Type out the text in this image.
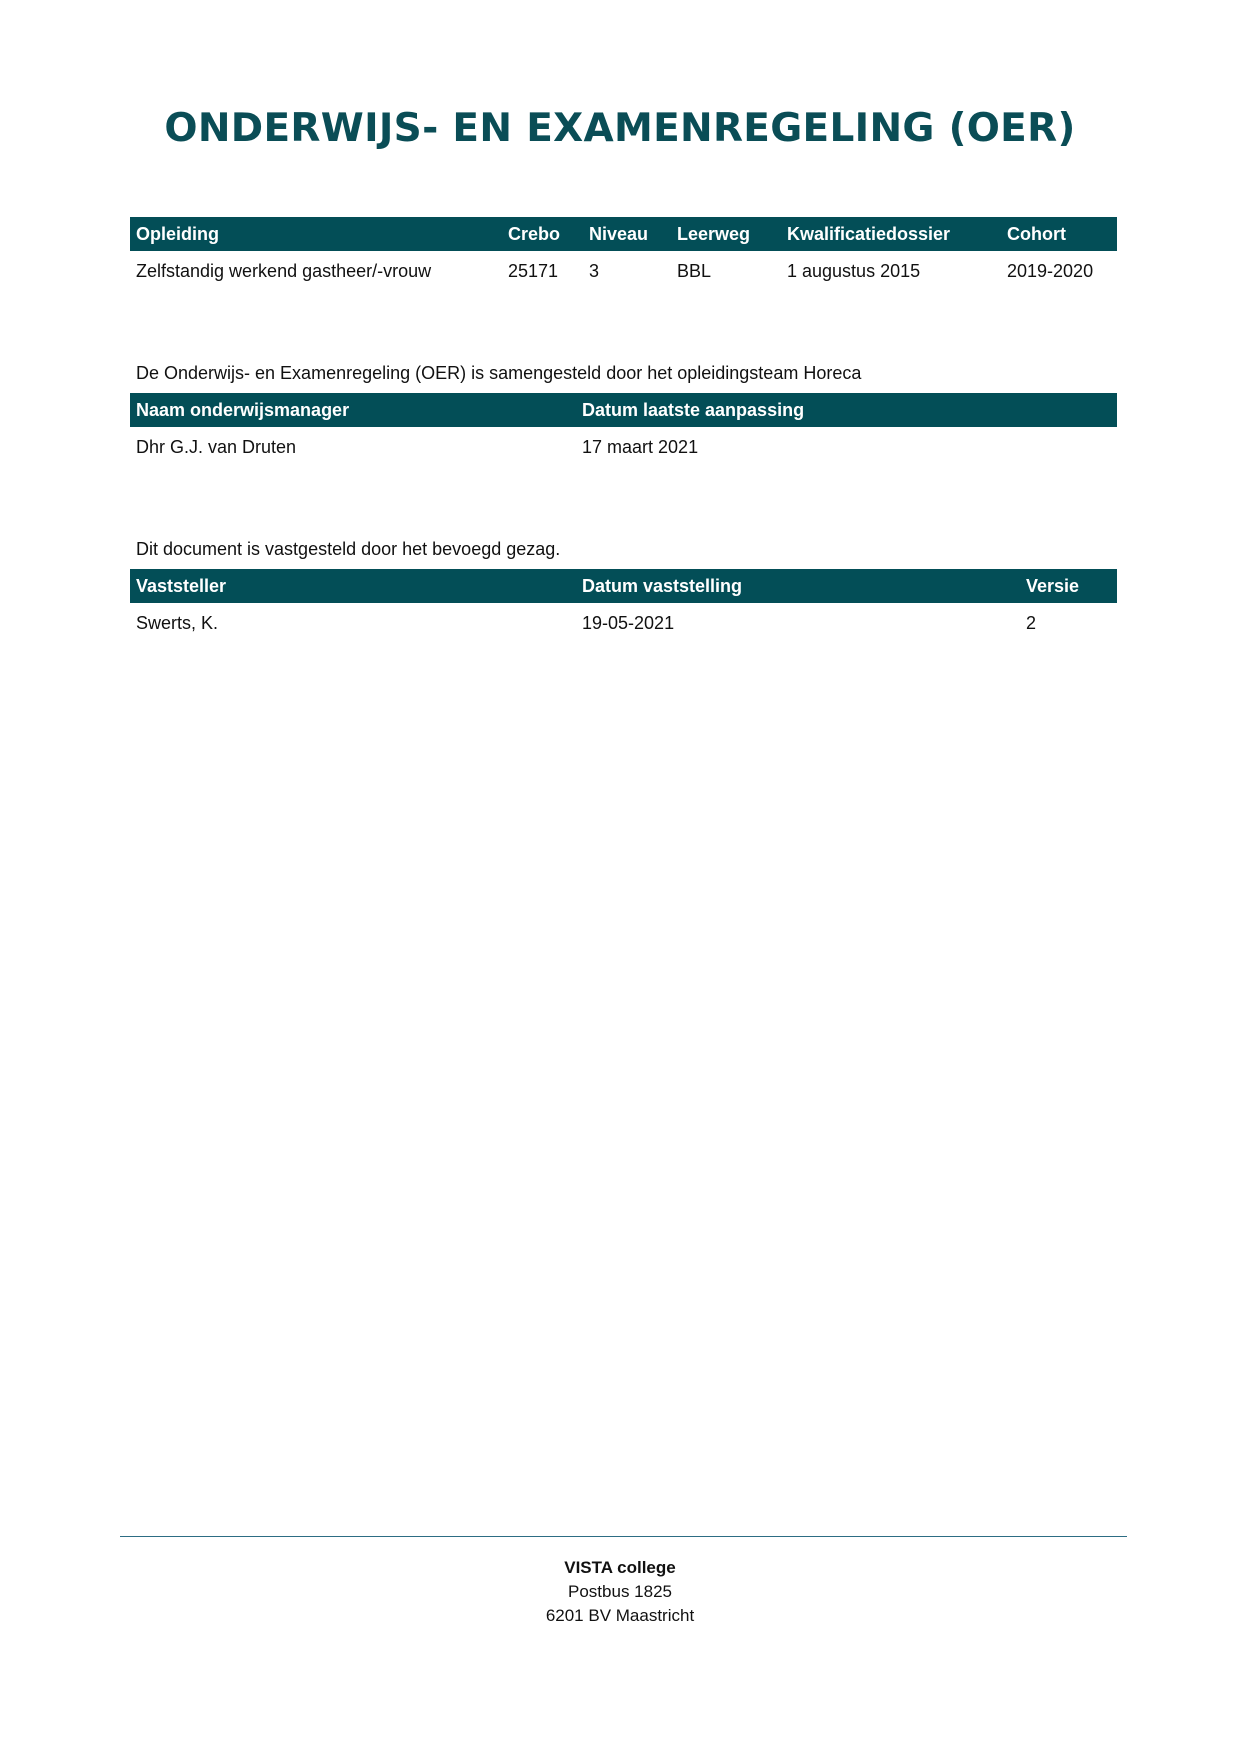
ONDERWIJS- EN EXAMENREGELING (OER)
Opleiding	Crebo	Niveau	Leerweg	Kwalificatiedossier	Cohort
Zelfstandig werkend gastheer/-vrouw	25171	3	BBL	1 augustus 2015	2019-2020
De Onderwijs- en Examenregeling (OER) is samengesteld door het opleidingsteam Horeca
Naam onderwijsmanager	Datum laatste aanpassing
Dhr G.J. van Druten	17 maart 2021
Dit document is vastgesteld door het bevoegd gezag.
Vaststeller	Datum vaststelling	Versie
Swerts, K.	19-05-2021	2
VISTA college
Postbus 1825
6201 BV Maastricht
